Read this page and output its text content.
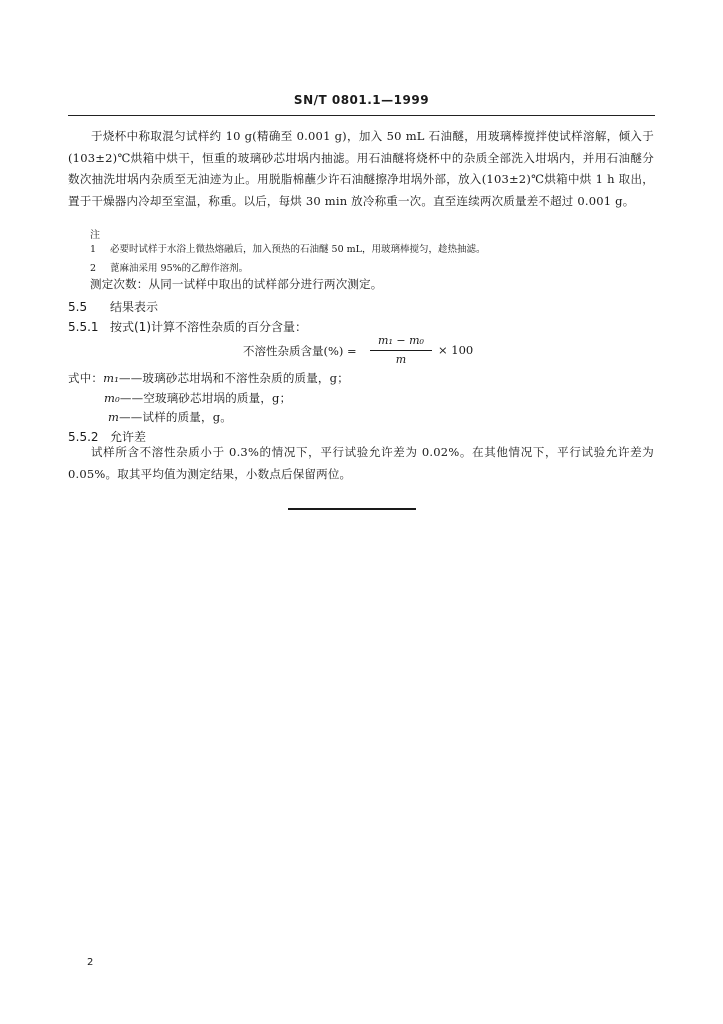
SN/T 0801.1—1999
于烧杯中称取混匀试样约 10 g(精确至 0.001 g)，加入 50 mL 石油醚，用玻璃棒搅拌使试样溶解，倾入于(103±2)℃烘箱中烘干，恒重的玻璃砂芯坩埚内抽滤。用石油醚将烧杯中的杂质全部洗入坩埚内，并用石油醚分数次抽洗坩埚内杂质至无油迹为止。用脱脂棉蘸少许石油醚擦净坩埚外部，放入(103±2)℃烘箱中烘 1 h 取出，置于干燥器内冷却至室温，称重。以后，每烘 30 min 放冷称重一次。直至连续两次质量差不超过 0.001 g。
注
1 必要时试样于水浴上微热熔融后，加入预热的石油醚 50 mL，用玻璃棒搅匀，趁热抽滤。
2 蓖麻油采用 95%的乙醇作溶剂。
测定次数：从同一试样中取出的试样部分进行两次测定。
5.5 结果表示
5.5.1 按式(1)计算不溶性杂质的百分含量：
不溶性杂质含量(%) =
m₁ − m₀
m
× 100
式中：m₁——玻璃砂芯坩埚和不溶性杂质的质量，g；
m₀——空玻璃砂芯坩埚的质量，g；
m——试样的质量，g。
5.5.2 允许差
试样所含不溶性杂质小于 0.3%的情况下，平行试验允许差为 0.02%。在其他情况下，平行试验允许差为 0.05%。取其平均值为测定结果，小数点后保留两位。
2
